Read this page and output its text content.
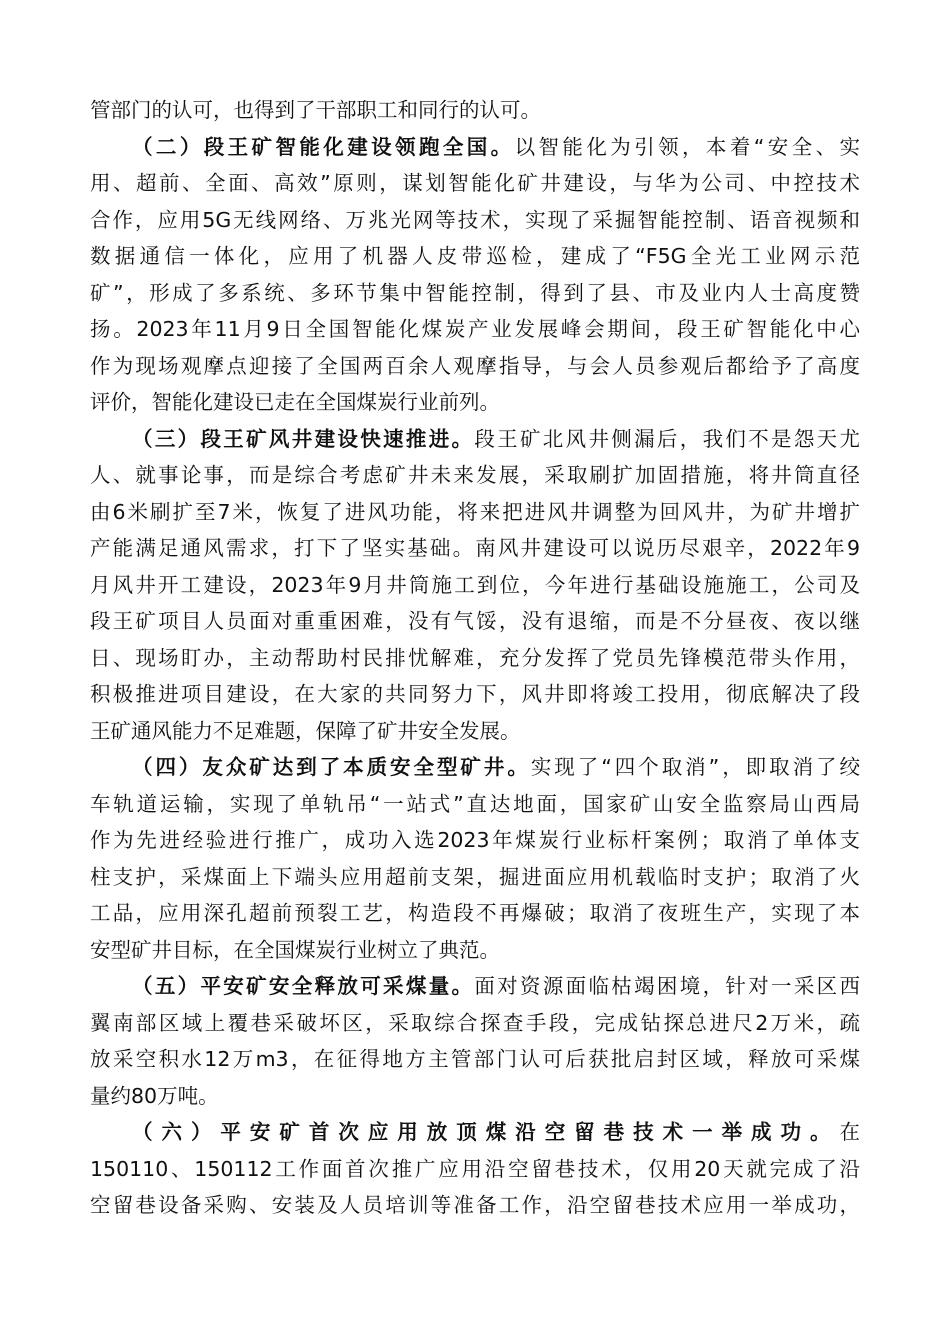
管部门的认可，也得到了干部职工和同行的认可。

（二）段王矿智能化建设领跑全国。以智能化为引领，本着“安全、实
用、超前、全面、高效”原则，谋划智能化矿井建设，与华为公司、中控技术
合作，应用5G无线网络、万兆光网等技术，实现了采掘智能控制、语音视频和
数据通信一体化，应用了机器人皮带巡检，建成了“F5G全光工业网示范
矿”，形成了多系统、多环节集中智能控制，得到了县、市及业内人士高度赞
扬。2023年11月9日全国智能化煤炭产业发展峰会期间，段王矿智能化中心
作为现场观摩点迎接了全国两百余人观摩指导，与会人员参观后都给予了高度
评价，智能化建设已走在全国煤炭行业前列。

（三）段王矿风井建设快速推进。段王矿北风井侧漏后，我们不是怨天尤
人、就事论事，而是综合考虑矿井未来发展，采取刷扩加固措施，将井筒直径
由6米刷扩至7米，恢复了进风功能，将来把进风井调整为回风井，为矿井增扩
产能满足通风需求，打下了坚实基础。南风井建设可以说历尽艰辛，2022年9
月风井开工建设，2023年9月井筒施工到位，今年进行基础设施施工，公司及
段王矿项目人员面对重重困难，没有气馁，没有退缩，而是不分昼夜、夜以继
日、现场盯办，主动帮助村民排忧解难，充分发挥了党员先锋模范带头作用，
积极推进项目建设，在大家的共同努力下，风井即将竣工投用，彻底解决了段
王矿通风能力不足难题，保障了矿井安全发展。

（四）友众矿达到了本质安全型矿井。实现了“四个取消”，即取消了绞
车轨道运输，实现了单轨吊“一站式”直达地面，国家矿山安全监察局山西局
作为先进经验进行推广，成功入选2023年煤炭行业标杆案例；取消了单体支
柱支护，采煤面上下端头应用超前支架，掘进面应用机载临时支护；取消了火
工品，应用深孔超前预裂工艺，构造段不再爆破；取消了夜班生产，实现了本
安型矿井目标，在全国煤炭行业树立了典范。

（五）平安矿安全释放可采煤量。面对资源面临枯竭困境，针对一采区西
翼南部区域上覆巷采破坏区，采取综合探查手段，完成钻探总进尺2万米，疏
放采空积水12万m3，在征得地方主管部门认可后获批启封区域，释放可采煤
量约80万吨。

（六）平安矿首次应用放顶煤沿空留巷技术一举成功。在
150110、150112工作面首次推广应用沿空留巷技术，仅用20天就完成了沿
空留巷设备采购、安装及人员培训等准备工作，沿空留巷技术应用一举成功，
